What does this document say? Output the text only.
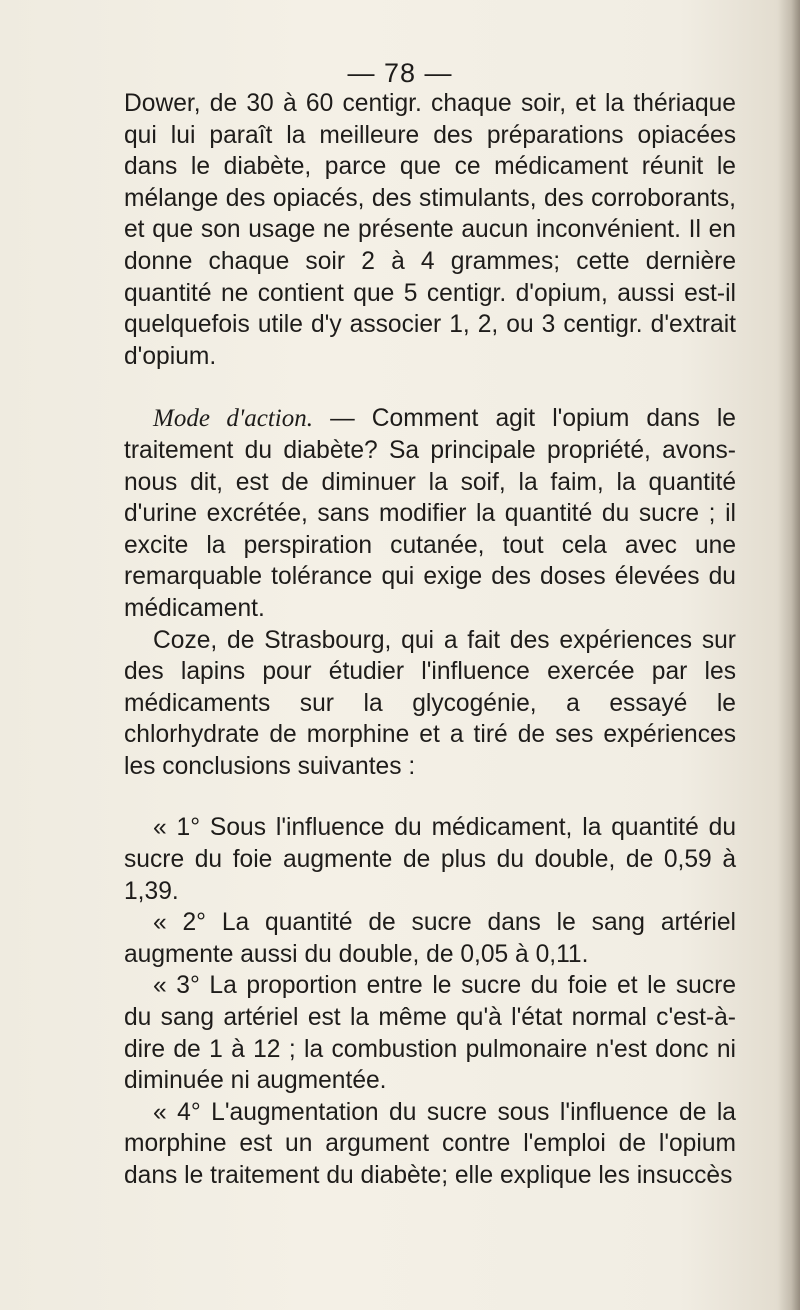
— 78 —

Dower, de 30 à 60 centigr. chaque soir, et la thériaque qui lui paraît la meilleure des préparations opiacées dans le diabète, parce que ce médicament réunit le mélange des opiacés, des stimulants, des corroborants, et que son usage ne présente aucun inconvénient. Il en donne chaque soir 2 à 4 grammes; cette dernière quantité ne contient que 5 centigr. d'opium, aussi est-il quelquefois utile d'y associer 1, 2, ou 3 centigr. d'extrait d'opium.

Mode d'action. — Comment agit l'opium dans le traitement du diabète? Sa principale propriété, avons-nous dit, est de diminuer la soif, la faim, la quantité d'urine excrétée, sans modifier la quantité du sucre ; il excite la perspiration cutanée, tout cela avec une remarquable tolérance qui exige des doses élevées du médicament.

Coze, de Strasbourg, qui a fait des expériences sur des lapins pour étudier l'influence exercée par les médicaments sur la glycogénie, a essayé le chlorhydrate de morphine et a tiré de ses expériences les conclusions suivantes :

« 1° Sous l'influence du médicament, la quantité du sucre du foie augmente de plus du double, de 0,59 à 1,39.

« 2° La quantité de sucre dans le sang artériel augmente aussi du double, de 0,05 à 0,11.

« 3° La proportion entre le sucre du foie et le sucre du sang artériel est la même qu'à l'état normal c'est-à-dire de 1 à 12 ; la combustion pulmonaire n'est donc ni diminuée ni augmentée.

« 4° L'augmentation du sucre sous l'influence de la morphine est un argument contre l'emploi de l'opium dans le traitement du diabète; elle explique les insuccès
